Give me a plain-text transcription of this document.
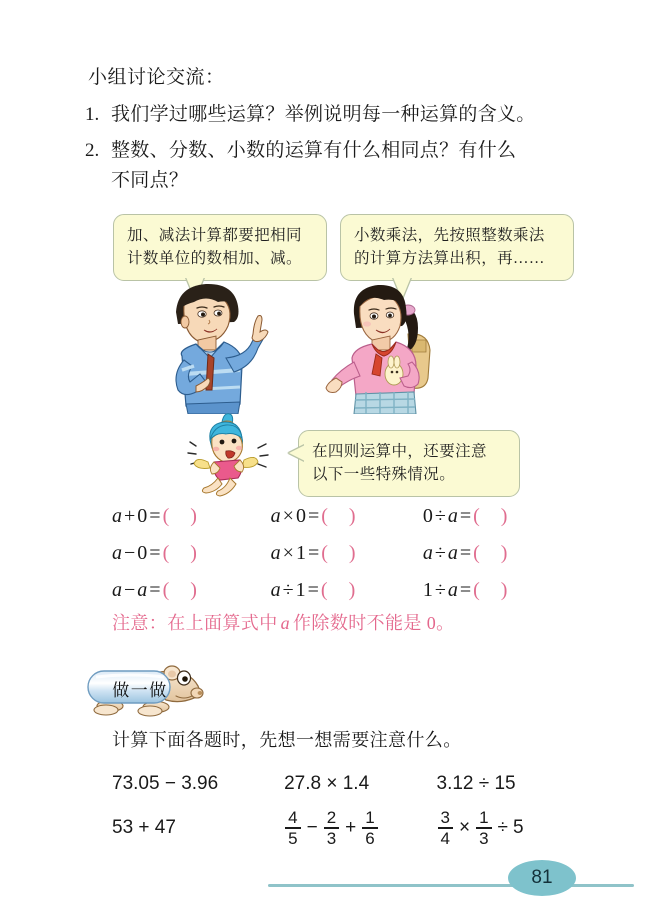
小组讨论交流：
1. 我们学过哪些运算？举例说明每一种运算的含义。
2. 整数、分数、小数的运算有什么相同点？有什么
不同点？
加、减法计算都要把相同
计数单位的数相加、减。
小数乘法，先按照整数乘法
的计算方法算出积，再……
在四则运算中，还要注意
以下一些特殊情况。
a + 0 = ( )	a × 0 = ( )	0 ÷ a = ( )
a − 0 = ( )	a × 1 = ( )	a ÷ a = ( )
a − a = ( )	a ÷ 1 = ( )	1 ÷ a = ( )
注意：在上面算式中 a 作除数时不能是 0。
做一做
计算下面各题时，先想一想需要注意什么。
73.05 − 3.96	27.8 × 1.4	3.12 ÷ 15
53 + 47	$\frac{4}{5} - \frac{2}{3} + \frac{1}{6}$	$\frac{3}{4} \times \frac{1}{3} \div 5$
81
